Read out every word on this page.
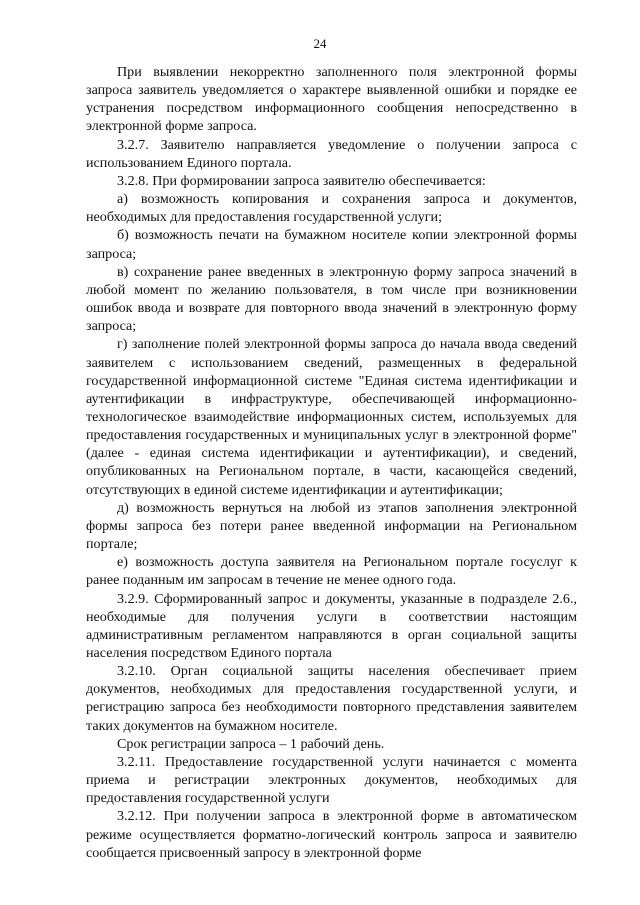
24

При выявлении некорректно заполненного поля электронной формы запроса заявитель уведомляется о характере выявленной ошибки и порядке ее устранения посредством информационного сообщения непосредственно в электронной форме запроса.

3.2.7. Заявителю направляется уведомление о получении запроса с использованием Единого портала.

3.2.8. При формировании запроса заявителю обеспечивается:

а) возможность копирования и сохранения запроса и документов, необходимых для предоставления государственной услуги;

б) возможность печати на бумажном носителе копии электронной формы запроса;

в) сохранение ранее введенных в электронную форму запроса значений в любой момент по желанию пользователя, в том числе при возникновении ошибок ввода и возврате для повторного ввода значений в электронную форму запроса;

г) заполнение полей электронной формы запроса до начала ввода сведений заявителем с использованием сведений, размещенных в федеральной государственной информационной системе "Единая система идентификации и аутентификации в инфраструктуре, обеспечивающей информационно-технологическое взаимодействие информационных систем, используемых для предоставления государственных и муниципальных услуг в электронной форме" (далее - единая система идентификации и аутентификации), и сведений, опубликованных на Региональном портале, в части, касающейся сведений, отсутствующих в единой системе идентификации и аутентификации;

д) возможность вернуться на любой из этапов заполнения электронной формы запроса без потери ранее введенной информации на Региональном портале;

е) возможность доступа заявителя на Региональном портале госуслуг к ранее поданным им запросам в течение не менее одного года.

3.2.9. Сформированный запрос и документы, указанные в подразделе 2.6., необходимые для получения услуги в соответствии настоящим административным регламентом направляются в орган социальной защиты населения посредством Единого портала

3.2.10. Орган социальной защиты населения обеспечивает прием документов, необходимых для предоставления государственной услуги, и регистрацию запроса без необходимости повторного представления заявителем таких документов на бумажном носителе.

Срок регистрации запроса – 1 рабочий день.

3.2.11. Предоставление государственной услуги начинается с момента приема и регистрации электронных документов, необходимых для предоставления государственной услуги

3.2.12. При получении запроса в электронной форме в автоматическом режиме осуществляется форматно-логический контроль запроса и заявителю сообщается присвоенный запросу в электронной форме
